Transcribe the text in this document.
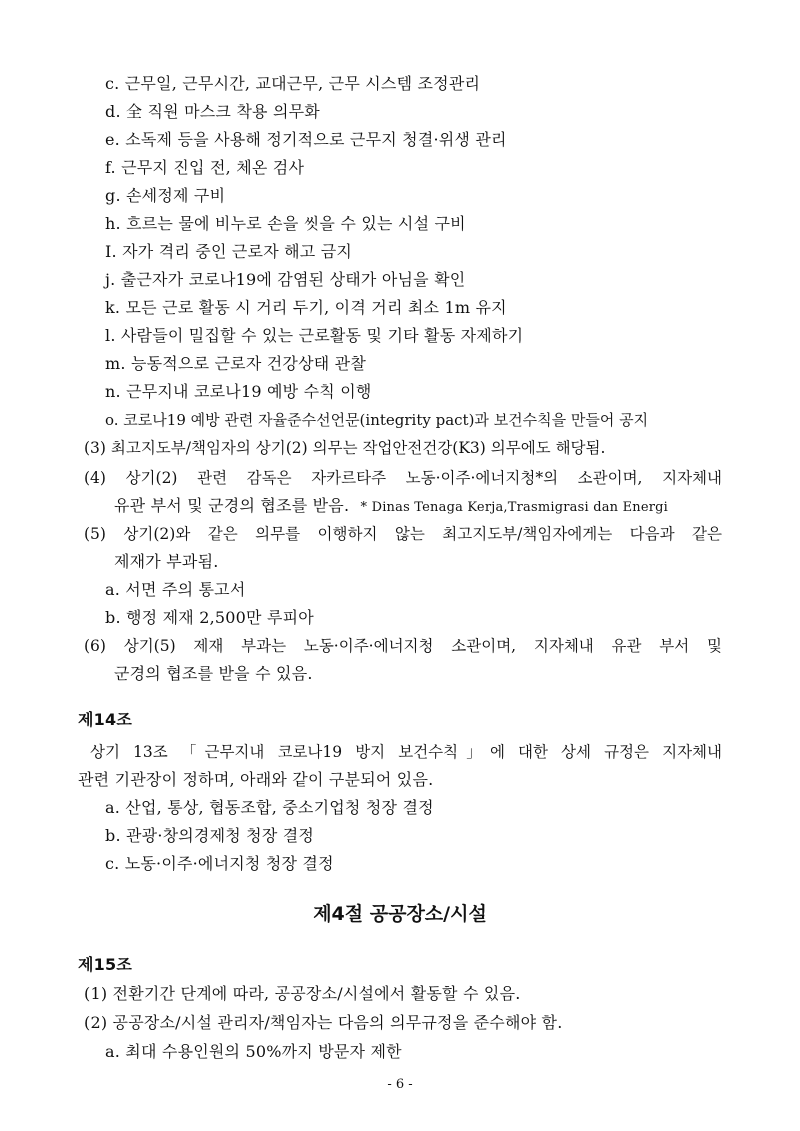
c. 근무일, 근무시간, 교대근무, 근무 시스템 조정관리
d. 全 직원 마스크 착용 의무화
e. 소독제 등을 사용해 정기적으로 근무지 청결·위생 관리
f. 근무지 진입 전, 체온 검사
g. 손세정제 구비
h. 흐르는 물에 비누로 손을 씻을 수 있는 시설 구비
I. 자가 격리 중인 근로자 해고 금지
j. 출근자가 코로나19에 감염된 상태가 아님을 확인
k. 모든 근로 활동 시 거리 두기, 이격 거리 최소 1m 유지
l. 사람들이 밀집할 수 있는 근로활동 및 기타 활동 자제하기
m. 능동적으로 근로자 건강상태 관찰
n. 근무지내 코로나19 예방 수칙 이행
o. 코로나19 예방 관련 자율준수선언문(integrity pact)과 보건수칙을 만들어 공지
(3) 최고지도부/책임자의 상기(2) 의무는 작업안전건강(K3) 의무에도 해당됨.
(4) 상기(2) 관련 감독은 자카르타주 노동·이주·에너지청*의 소관이며, 지자체내
유관 부서 및 군경의 협조를 받음. * Dinas Tenaga Kerja,Trasmigrasi dan Energi
(5) 상기(2)와 같은 의무를 이행하지 않는 최고지도부/책임자에게는 다음과 같은
제재가 부과됨.
a. 서면 주의 통고서
b. 행정 제재 2,500만 루피아
(6) 상기(5) 제재 부과는 노동·이주·에너지청 소관이며, 지자체내 유관 부서 및
군경의 협조를 받을 수 있음.
제14조
상기 13조 「근무지내 코로나19 방지 보건수칙」에 대한 상세 규정은 지자체내
관련 기관장이 정하며, 아래와 같이 구분되어 있음.
a. 산업, 통상, 협동조합, 중소기업청 청장 결정
b. 관광·창의경제청 청장 결정
c. 노동·이주·에너지청 청장 결정
제4절 공공장소/시설
제15조
(1) 전환기간 단계에 따라, 공공장소/시설에서 활동할 수 있음.
(2) 공공장소/시설 관리자/책임자는 다음의 의무규정을 준수해야 함.
a. 최대 수용인원의 50%까지 방문자 제한
- 6 -
